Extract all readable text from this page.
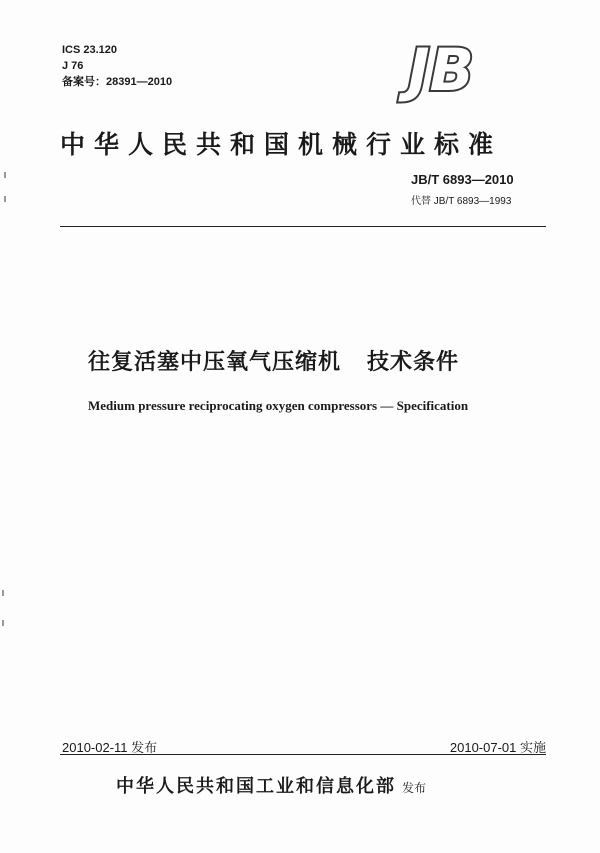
ICS 23.120
J 76
备案号：28391—2010	JB
中华人民共和国机械行业标准
JB/T 6893—2010
代替 JB/T 6893—1993
往复活塞中压氧气压缩机 技术条件
Medium pressure reciprocating oxygen compressors — Specification
2010-02-11 发布	2010-07-01 实施
中华人民共和国工业和信息化部 发布
